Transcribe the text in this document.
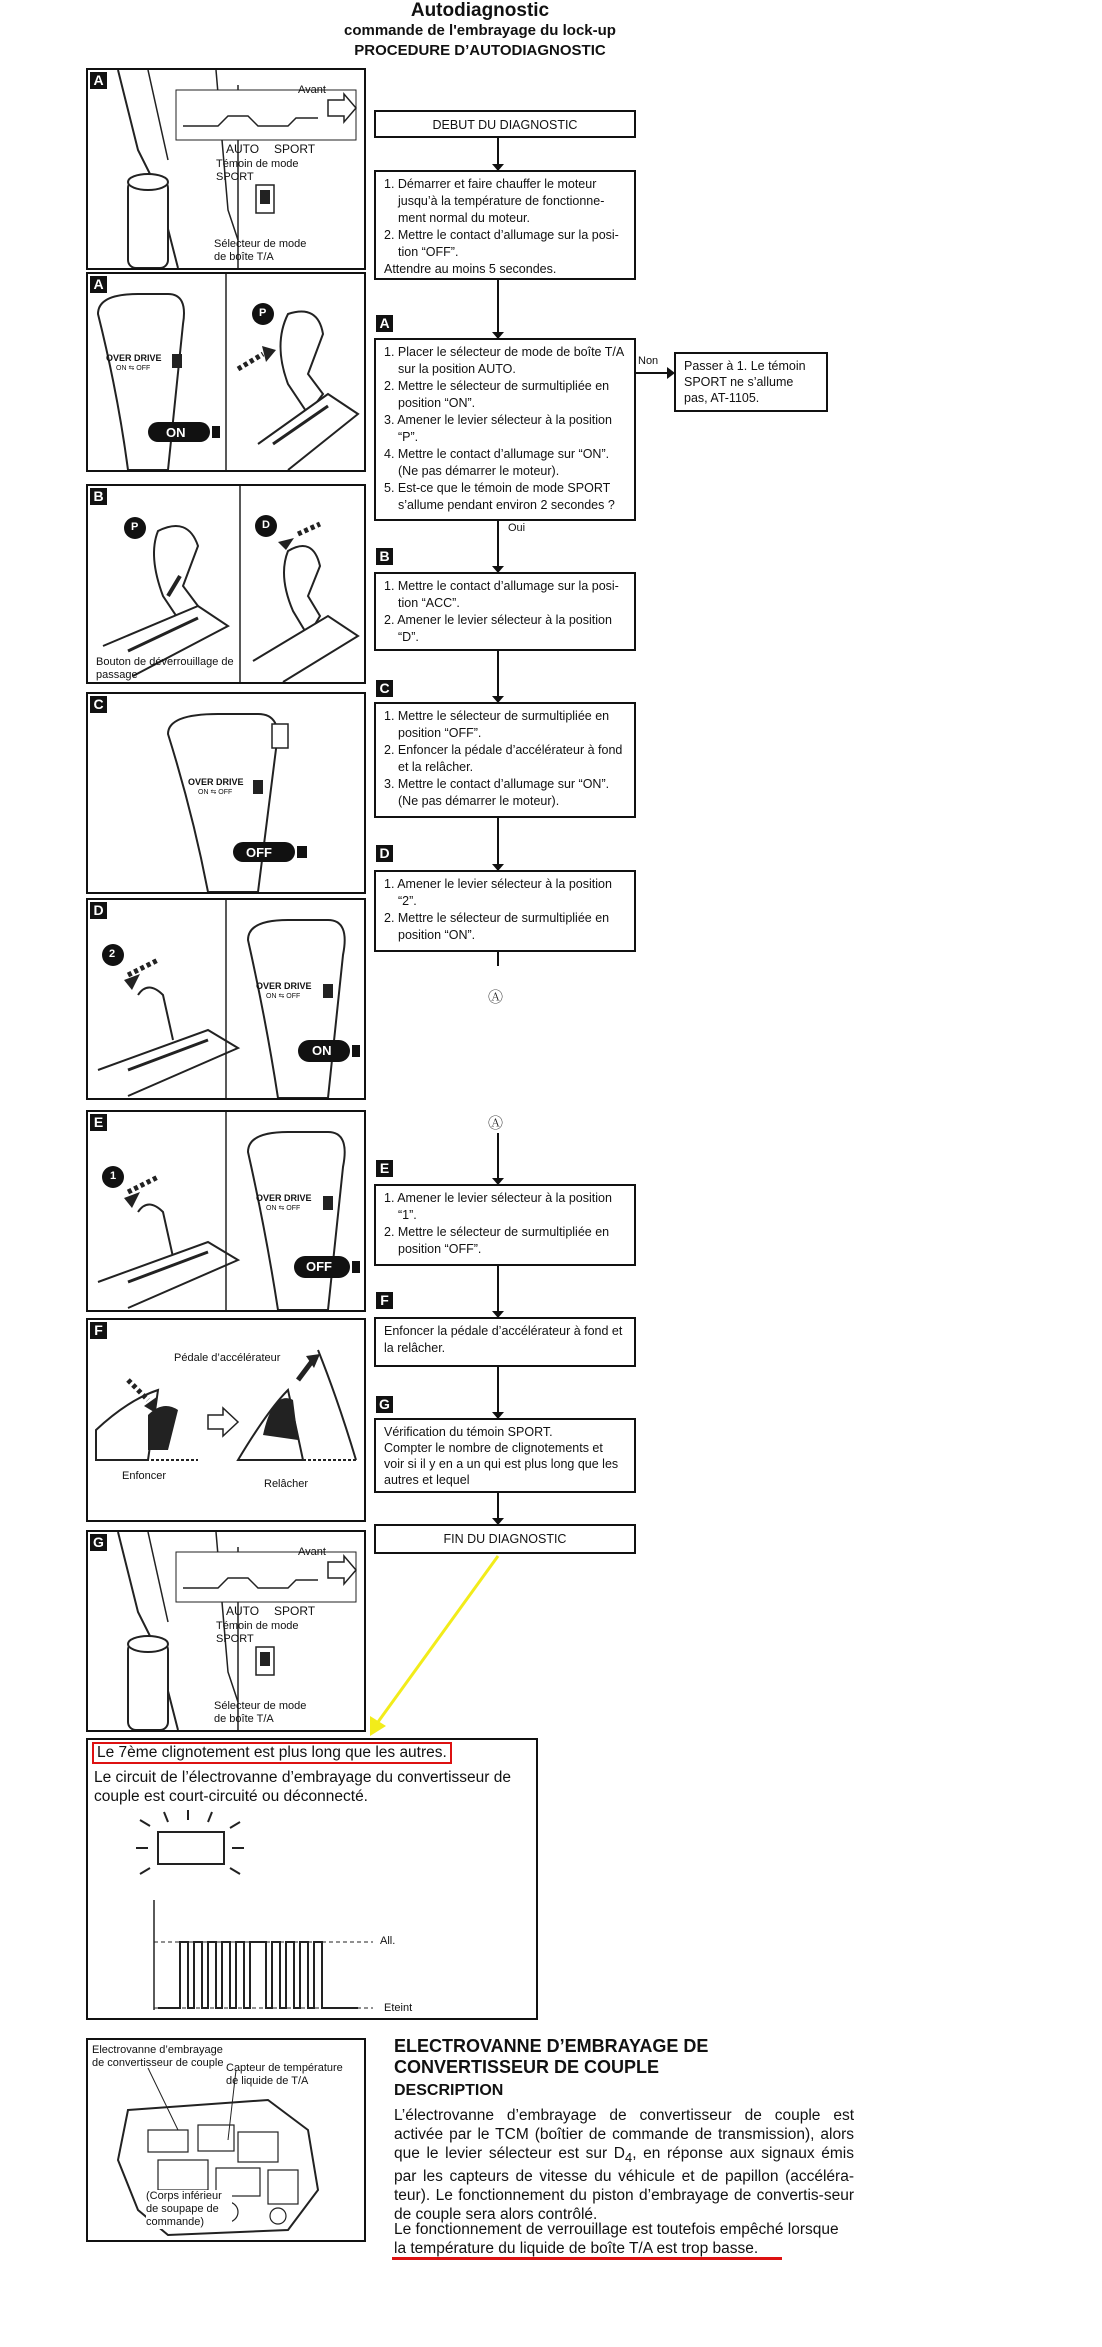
Autodiagnostic
commande de l'embrayage du lock-up
PROCEDURE D’AUTODIAGNOSTIC
DEBUT DU DIAGNOSTIC
1. Démarrer et faire chauffer le moteur jusqu’à la température de fonctionne-ment normal du moteur.
2. Mettre le contact d’allumage sur la posi-tion “OFF”.
Attendre au moins 5 secondes.
A
1. Placer le sélecteur de mode de boîte T/A sur la position AUTO.
2. Mettre le sélecteur de surmultipliée en position “ON”.
3. Amener le levier sélecteur à la position “P”.
4. Mettre le contact d’allumage sur “ON”. (Ne pas démarrer le moteur).
5. Est-ce que le témoin de mode SPORT s’allume pendant environ 2 secondes ?
Non	Passer à 1. Le témoin SPORT ne s’allume pas, AT-1105.
Oui
B
1. Mettre le contact d’allumage sur la posi-tion “ACC”.
2. Amener le levier sélecteur à la position “D”.
C
1. Mettre le sélecteur de surmultipliée en position “OFF”.
2. Enfoncer la pédale d’accélérateur à fond et la relâcher.
3. Mettre le contact d’allumage sur “ON”. (Ne pas démarrer le moteur).
D
1. Amener le levier sélecteur à la position “2”.
2. Mettre le sélecteur de surmultipliée en position “ON”.
Ⓐ
Ⓐ
E
1. Amener le levier sélecteur à la position “1”.
2. Mettre le sélecteur de surmultipliée en position “OFF”.
F
Enfoncer la pédale d’accélérateur à fond et la relâcher.
G
Vérification du témoin SPORT.
Compter le nombre de clignotements et voir si il y en a un qui est plus long que les autres et lequel
FIN DU DIAGNOSTIC
A
Avant
AUTO SPORT
Témoin de mode SPORT
Sélecteur de mode de boîte T/A
A
OVER DRIVE
ON ⇆ OFF
ON
P
B
P	D
Bouton de déverrouillage de passage
C
OVER DRIVE
ON ⇆ OFF
OFF
D
2
OVER DRIVE
ON ⇆ OFF
ON
E
1
OVER DRIVE
ON ⇆ OFF
OFF
F
Pédale d’accélérateur
Enfoncer
Relâcher
G
Avant
AUTO SPORT
Témoin de mode SPORT
Sélecteur de mode de boîte T/A
Le 7ème clignotement est plus long que les autres.
Le circuit de l’électrovanne d’embrayage du convertisseur de couple est court-circuité ou déconnecté.
All.
Eteint
Electrovanne d’embrayage de convertisseur de couple Capteur de température de liquide de T/A
(Corps inférieur de soupape de commande)
ELECTROVANNE D’EMBRAYAGE DE
CONVERTISSEUR DE COUPLE
DESCRIPTION
L’électrovanne d’embrayage de convertisseur de couple est activée par le TCM (boîtier de commande de transmission), alors que le levier sélecteur est sur $D_4$, en réponse aux signaux émis par les capteurs de vitesse du véhicule et de papillon (accéléra-teur). Le fonctionnement du piston d’embrayage de convertis-seur de couple sera alors contrôlé.
Le fonctionnement de verrouillage est toutefois empêché lorsque
la température du liquide de boîte T/A est trop basse.
